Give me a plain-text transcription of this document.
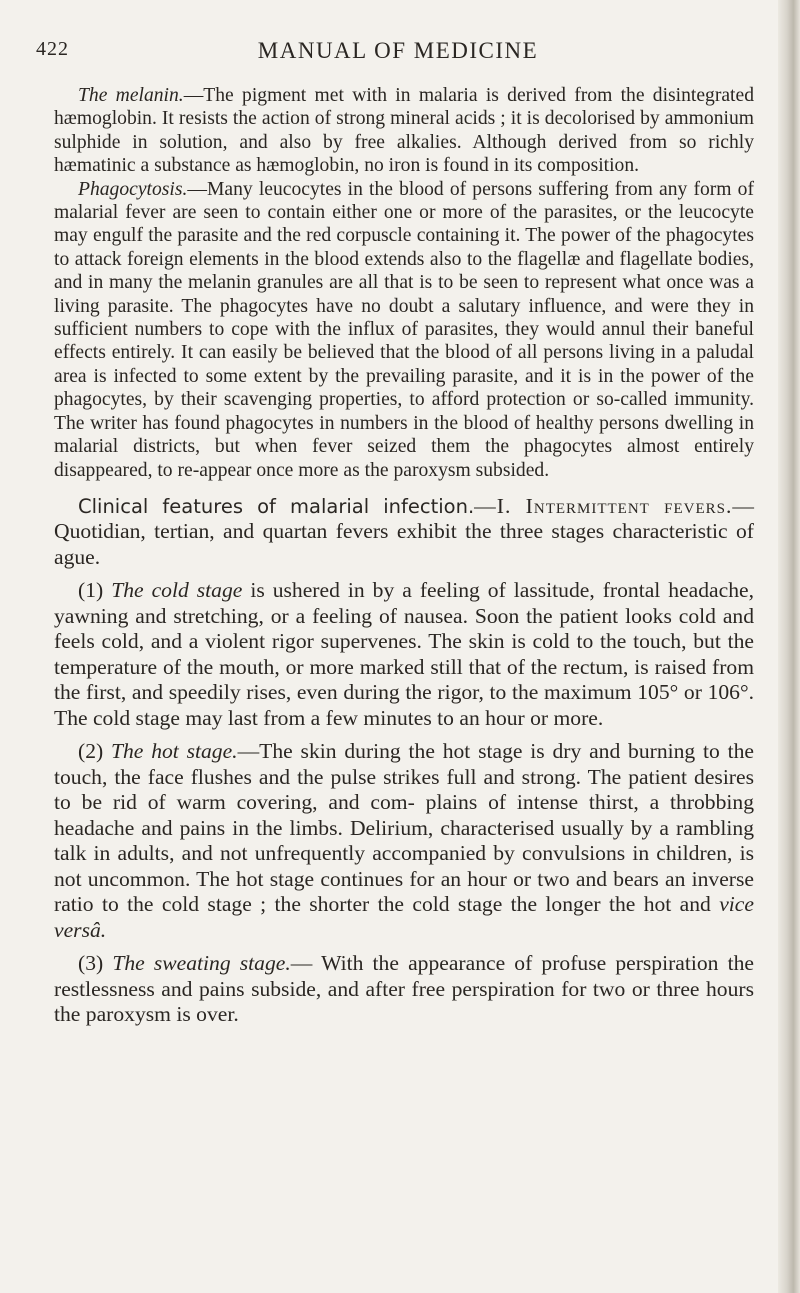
422	MANUAL OF MEDICINE

The melanin.—The pigment met with in malaria is derived from the disintegrated hæmoglobin. It resists the action of strong mineral acids ; it is decolorised by ammonium sulphide in solution, and also by free alkalies. Although derived from so richly hæmatinic a substance as hæmoglobin, no iron is found in its composition.

Phagocytosis.—Many leucocytes in the blood of persons suffering from any form of malarial fever are seen to contain either one or more of the parasites, or the leucocyte may engulf the parasite and the red corpuscle containing it. The power of the phagocytes to attack foreign elements in the blood extends also to the flagellæ and flagellate bodies, and in many the melanin granules are all that is to be seen to represent what once was a living parasite. The phagocytes have no doubt a salutary influence, and were they in sufficient numbers to cope with the influx of parasites, they would annul their baneful effects entirely. It can easily be believed that the blood of all persons living in a paludal area is infected to some extent by the prevailing parasite, and it is in the power of the phagocytes, by their scavenging properties, to afford protection or so-called immunity. The writer has found phagocytes in numbers in the blood of healthy persons dwelling in malarial districts, but when fever seized them the phagocytes almost entirely disappeared, to re-appear once more as the paroxysm subsided.

Clinical features of malarial infection.—I. Intermittent fevers.—Quotidian, tertian, and quartan fevers exhibit the three stages characteristic of ague.

(1) The cold stage is ushered in by a feeling of lassitude, frontal headache, yawning and stretching, or a feeling of nausea. Soon the patient looks cold and feels cold, and a violent rigor supervenes. The skin is cold to the touch, but the temperature of the mouth, or more marked still that of the rectum, is raised from the first, and speedily rises, even during the rigor, to the maximum 105° or 106°. The cold stage may last from a few minutes to an hour or more.

(2) The hot stage.—The skin during the hot stage is dry and burning to the touch, the face flushes and the pulse strikes full and strong. The patient desires to be rid of warm covering, and com- plains of intense thirst, a throbbing headache and pains in the limbs. Delirium, characterised usually by a rambling talk in adults, and not unfrequently accompanied by convulsions in children, is not uncommon. The hot stage continues for an hour or two and bears an inverse ratio to the cold stage ; the shorter the cold stage the longer the hot and vice versâ.

(3) The sweating stage.— With the appearance of profuse perspiration the restlessness and pains subside, and after free perspiration for two or three hours the paroxysm is over.
